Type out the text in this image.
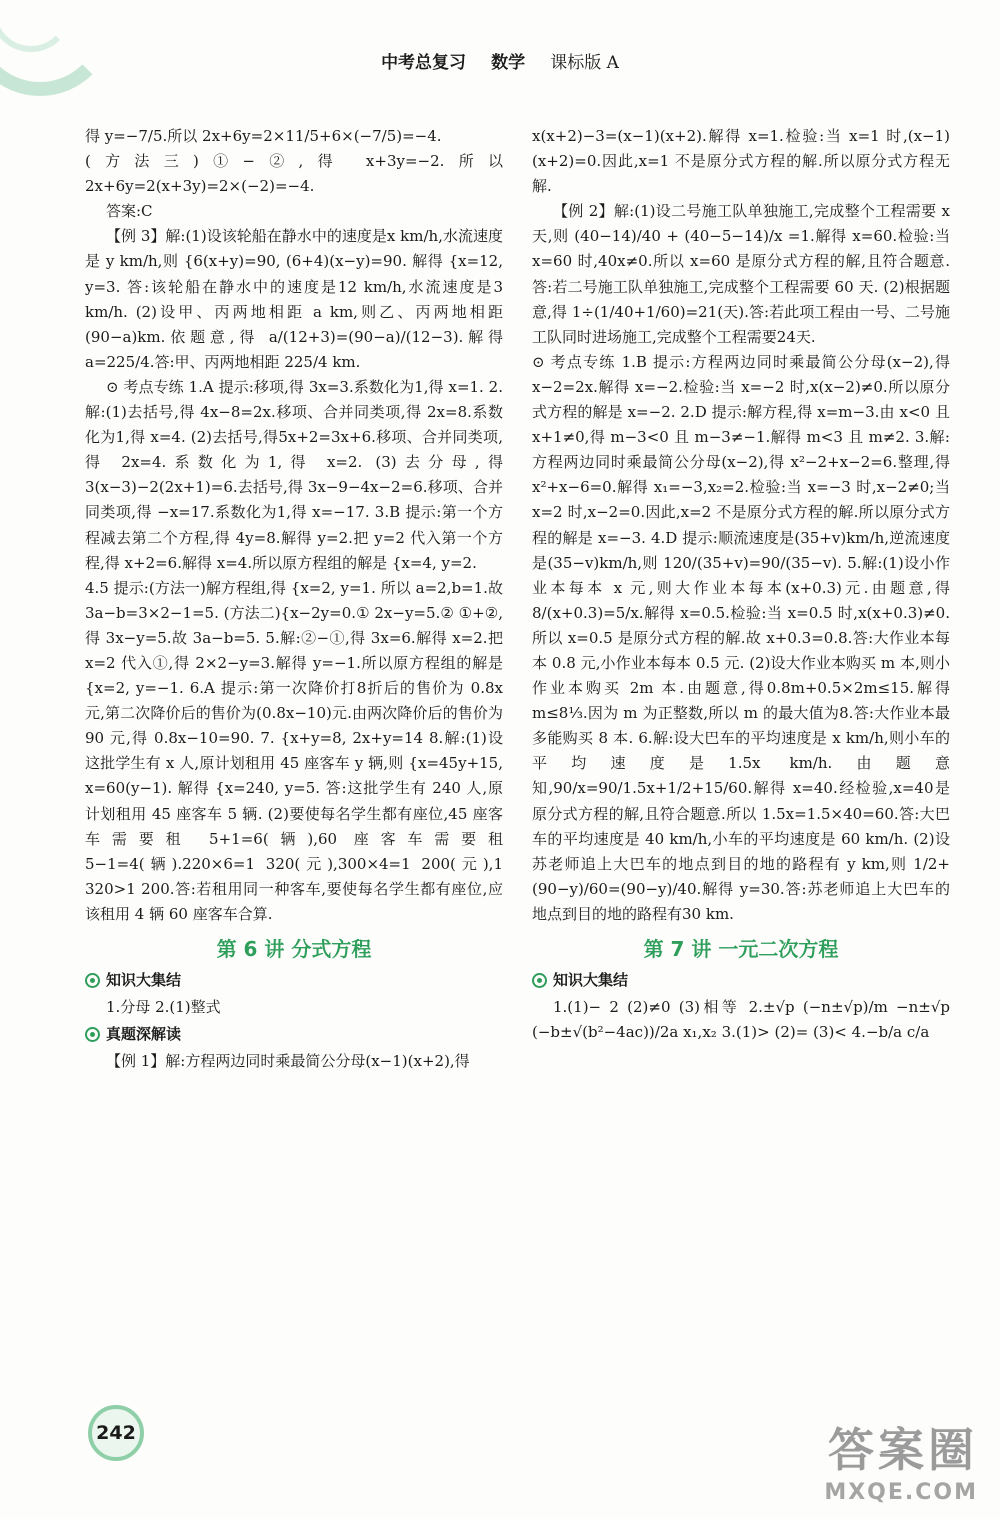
中考总复习 数学 课标版 A

得 y=−7/5.所以 2x+6y=2×11/5+6×(−7/5)=−4.

(方法三)①−②,得 x+3y=−2.所以 2x+6y=2(x+3y)=2×(−2)=−4.

答案:C

【例 3】解:(1)设该轮船在静水中的速度是x km/h,水流速度是 y km/h,则 {6(x+y)=90, (6+4)(x−y)=90. 解得 {x=12, y=3. 答:该轮船在静水中的速度是12 km/h,水流速度是3 km/h. (2)设甲、丙两地相距 a km,则乙、丙两地相距(90−a)km.依题意,得 a/(12+3)=(90−a)/(12−3).解得 a=225/4.答:甲、丙两地相距 225/4 km.

⊙ 考点专练 1.A 提示:移项,得 3x=3.系数化为1,得 x=1. 2.解:(1)去括号,得 4x−8=2x.移项、合并同类项,得 2x=8.系数化为1,得 x=4. (2)去括号,得5x+2=3x+6.移项、合并同类项,得 2x=4.系数化为1,得 x=2. (3)去分母,得3(x−3)−2(2x+1)=6.去括号,得 3x−9−4x−2=6.移项、合并同类项,得 −x=17.系数化为1,得 x=−17. 3.B 提示:第一个方程减去第二个方程,得 4y=8.解得 y=2.把 y=2 代入第一个方程,得 x+2=6.解得 x=4.所以原方程组的解是 {x=4, y=2.

4.5 提示:(方法一)解方程组,得 {x=2, y=1. 所以 a=2,b=1.故 3a−b=3×2−1=5. (方法二){x−2y=0.① 2x−y=5.② ①+②,得 3x−y=5.故 3a−b=5. 5.解:②−①,得 3x=6.解得 x=2.把 x=2 代入①,得 2×2−y=3.解得 y=−1.所以原方程组的解是 {x=2, y=−1. 6.A 提示:第一次降价打8折后的售价为 0.8x 元,第二次降价后的售价为(0.8x−10)元.由两次降价后的售价为 90 元,得 0.8x−10=90. 7. {x+y=8, 2x+y=14 8.解:(1)设这批学生有 x 人,原计划租用 45 座客车 y 辆,则 {x=45y+15, x=60(y−1). 解得 {x=240, y=5. 答:这批学生有 240 人,原计划租用 45 座客车 5 辆. (2)要使每名学生都有座位,45 座客车需要租 5+1=6(辆),60 座客车需要租 5−1=4(辆).220×6=1 320(元),300×4=1 200(元),1 320>1 200.答:若租用同一种客车,要使每名学生都有座位,应该租用 4 辆 60 座客车合算.

第 6 讲 分式方程
知识大集结

1.分母 2.(1)整式

真题深解读

【例 1】解:方程两边同时乘最简公分母(x−1)(x+2),得

x(x+2)−3=(x−1)(x+2).解得 x=1.检验:当 x=1 时,(x−1)(x+2)=0.因此,x=1 不是原分式方程的解.所以原分式方程无解.

【例 2】解:(1)设二号施工队单独施工,完成整个工程需要 x 天,则 (40−14)/40 + (40−5−14)/x =1.解得 x=60.检验:当 x=60 时,40x≠0.所以 x=60 是原分式方程的解,且符合题意.答:若二号施工队单独施工,完成整个工程需要 60 天. (2)根据题意,得 1÷(1/40+1/60)=21(天).答:若此项工程由一号、二号施工队同时进场施工,完成整个工程需要24天.

⊙ 考点专练 1.B 提示:方程两边同时乘最简公分母(x−2),得 x−2=2x.解得 x=−2.检验:当 x=−2 时,x(x−2)≠0.所以原分式方程的解是 x=−2. 2.D 提示:解方程,得 x=m−3.由 x<0 且 x+1≠0,得 m−3<0 且 m−3≠−1.解得 m<3 且 m≠2. 3.解:方程两边同时乘最简公分母(x−2),得 x²−2+x−2=6.整理,得 x²+x−6=0.解得 x₁=−3,x₂=2.检验:当 x=−3 时,x−2≠0;当 x=2 时,x−2=0.因此,x=2 不是原分式方程的解.所以原分式方程的解是 x=−3. 4.D 提示:顺流速度是(35+v)km/h,逆流速度是(35−v)km/h,则 120/(35+v)=90/(35−v). 5.解:(1)设小作业本每本 x 元,则大作业本每本(x+0.3)元.由题意,得 8/(x+0.3)=5/x.解得 x=0.5.检验:当 x=0.5 时,x(x+0.3)≠0.所以 x=0.5 是原分式方程的解.故 x+0.3=0.8.答:大作业本每本 0.8 元,小作业本每本 0.5 元. (2)设大作业本购买 m 本,则小作业本购买 2m 本.由题意,得0.8m+0.5×2m≤15.解得 m≤8⅓.因为 m 为正整数,所以 m 的最大值为8.答:大作业本最多能购买 8 本. 6.解:设大巴车的平均速度是 x km/h,则小车的平均速度是1.5x km/h.由题意知,90/x=90/1.5x+1/2+15/60.解得 x=40.经检验,x=40是原分式方程的解,且符合题意.所以 1.5x=1.5×40=60.答:大巴车的平均速度是 40 km/h,小车的平均速度是 60 km/h. (2)设苏老师追上大巴车的地点到目的地的路程有 y km,则 1/2+(90−y)/60=(90−y)/40.解得 y=30.答:苏老师追上大巴车的地点到目的地的路程有30 km.

第 7 讲 一元二次方程
知识大集结

1.(1)− 2 (2)≠0 (3)相等 2.±√p (−n±√p)/m −n±√p (−b±√(b²−4ac))/2a x₁,x₂ 3.(1)> (2)= (3)< 4.−b/a c/a

242	答案圈
MXQE.COM
